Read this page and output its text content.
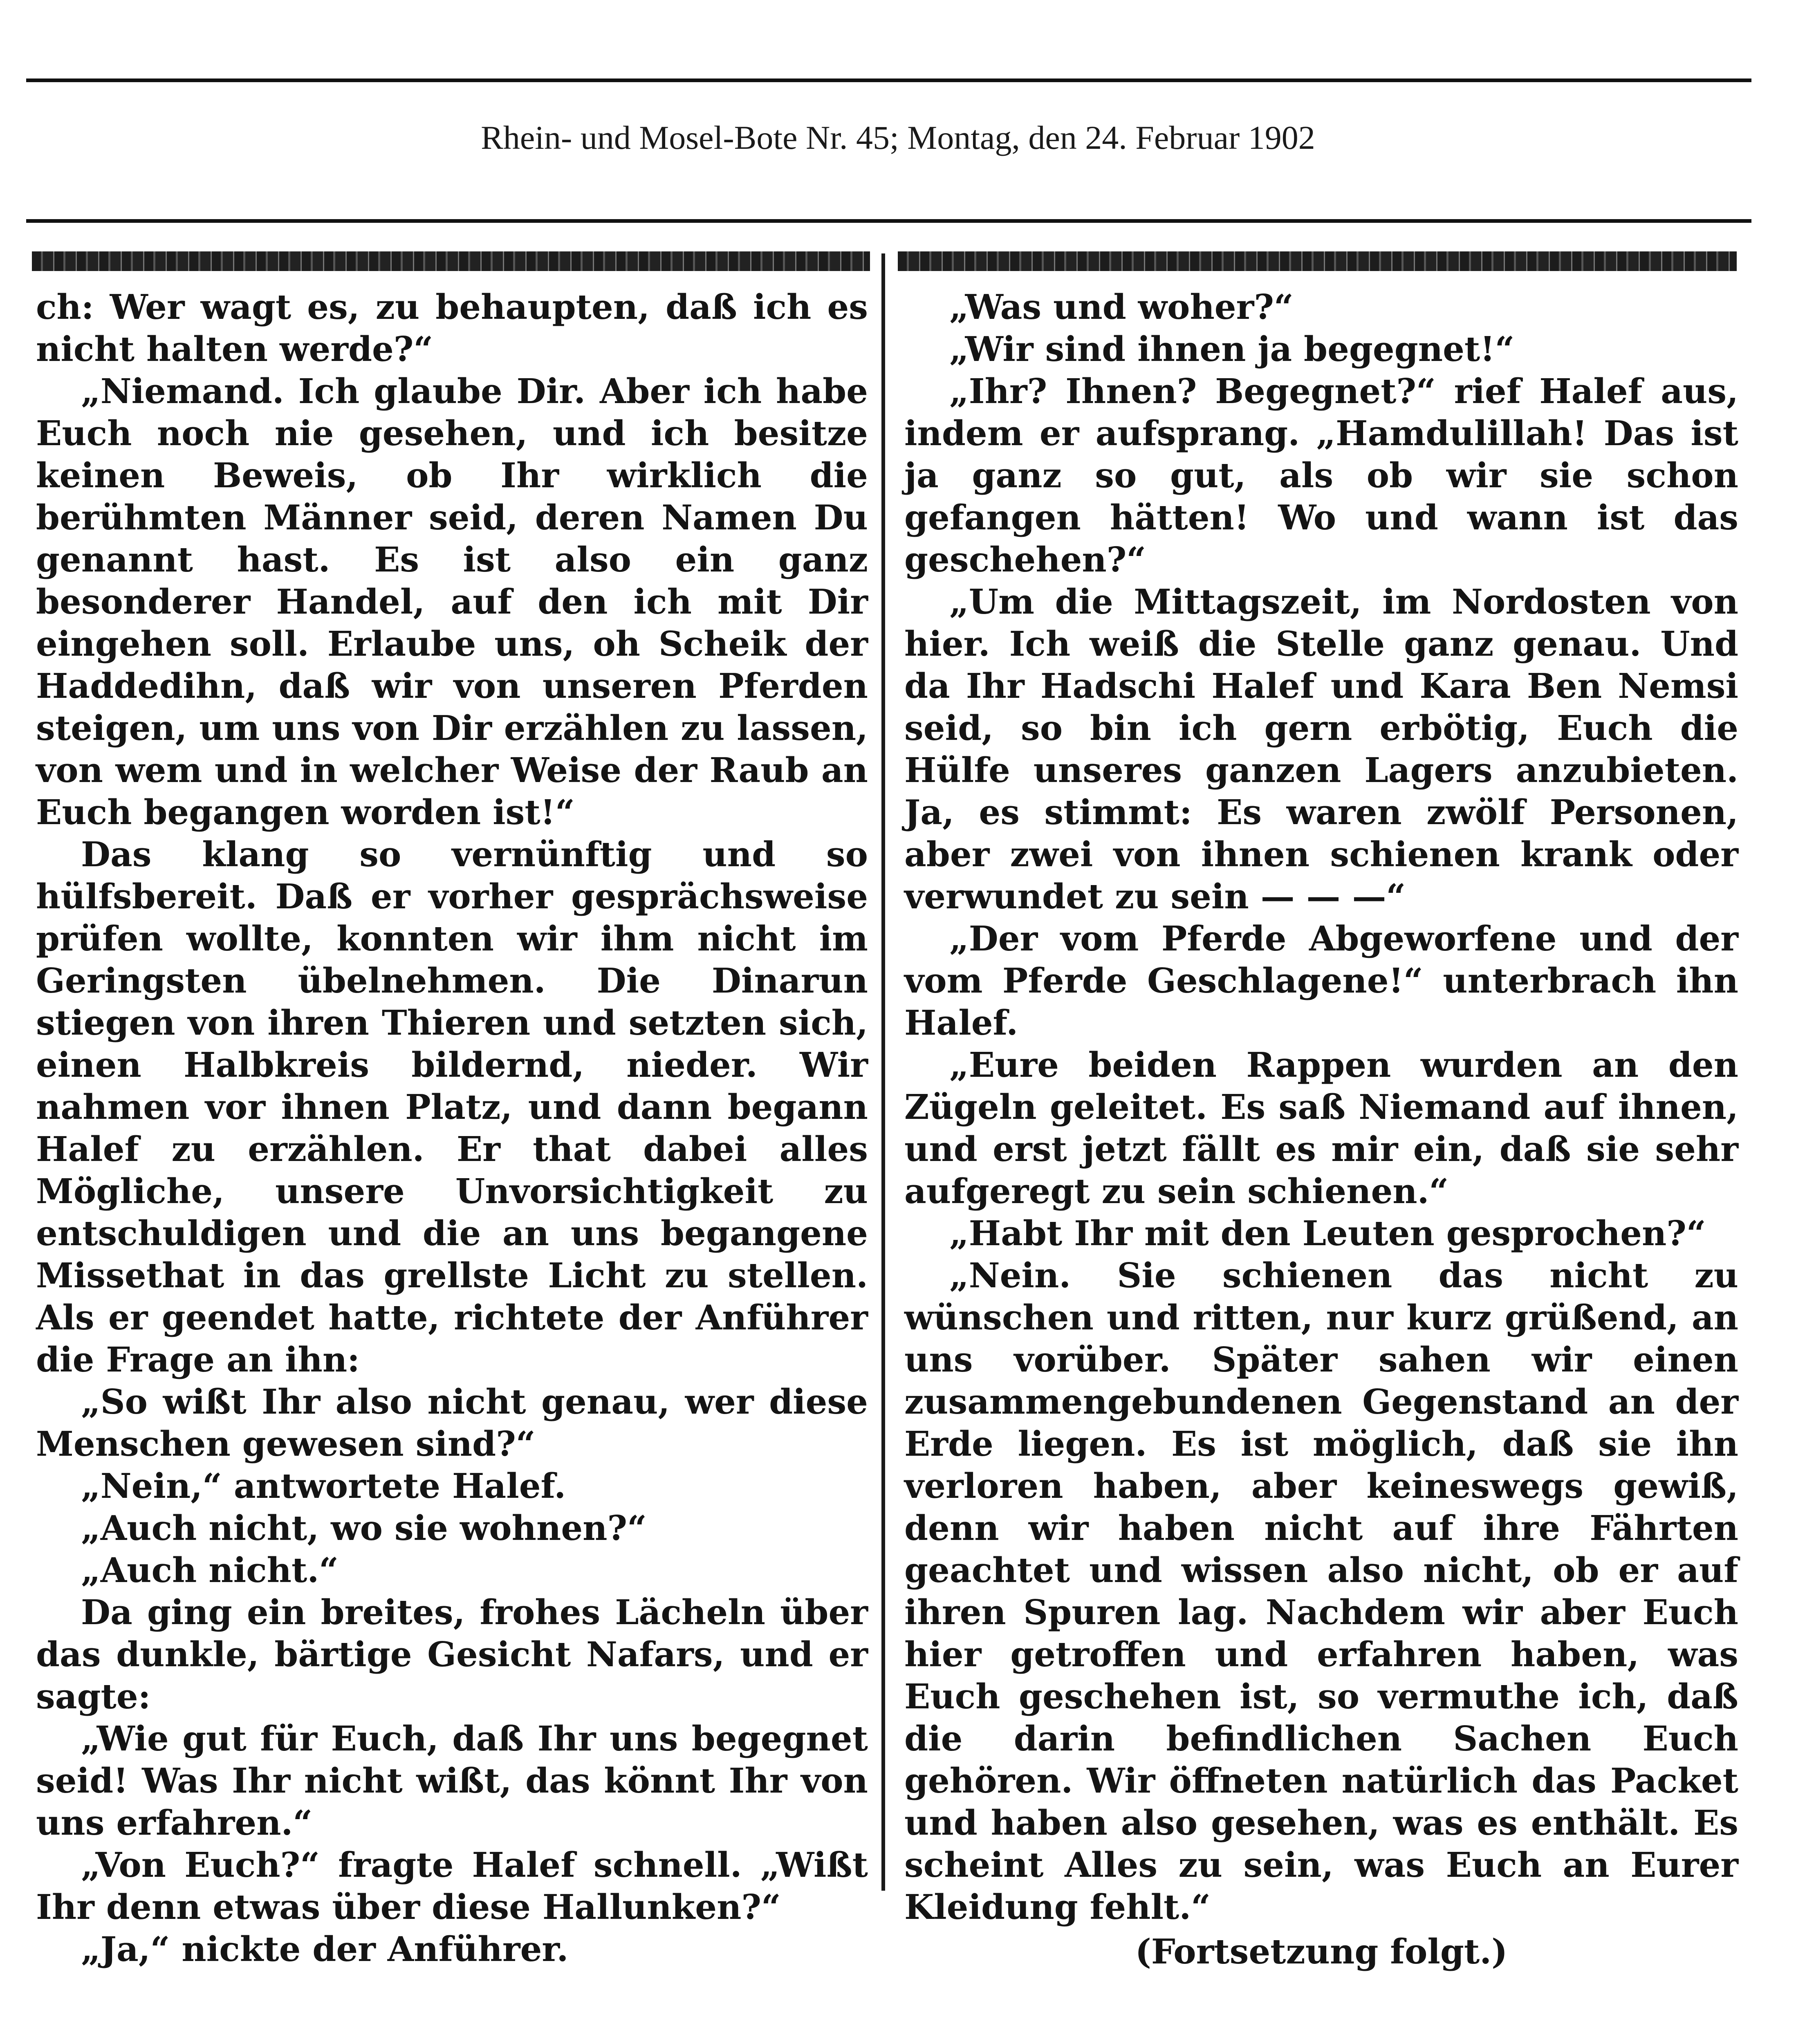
Rhein- und Mosel-Bote Nr. 45; Montag, den 24. Februar 1902

ch: Wer wagt es, zu behaupten, daß ich es nicht halten werde?“

„Niemand. Ich glaube Dir. Aber ich habe Euch noch nie gesehen, und ich besitze keinen Beweis, ob Ihr wirklich die berühmten Männer seid, deren Namen Du genannt hast. Es ist also ein ganz besonderer Handel, auf den ich mit Dir eingehen soll. Erlaube uns, oh Scheik der Haddedihn, daß wir von unseren Pferden steigen, um uns von Dir erzählen zu lassen, von wem und in welcher Weise der Raub an Euch begangen worden ist!“

Das klang so vernünftig und so hülfsbereit. Daß er vorher gesprächsweise prüfen wollte, konnten wir ihm nicht im Geringsten übelnehmen. Die Dinarun stiegen von ihren Thieren und setzten sich, einen Halbkreis bildernd, nieder. Wir nahmen vor ihnen Platz, und dann begann Halef zu erzählen. Er that dabei alles Mögliche, unsere Unvorsichtigkeit zu entschuldigen und die an uns begangene Missethat in das grellste Licht zu stellen. Als er geendet hatte, richtete der Anführer die Frage an ihn:

„So wißt Ihr also nicht genau, wer diese Menschen gewesen sind?“

„Nein,“ antwortete Halef.

„Auch nicht, wo sie wohnen?“

„Auch nicht.“

Da ging ein breites, frohes Lächeln über das dunkle, bärtige Gesicht Nafars, und er sagte:

„Wie gut für Euch, daß Ihr uns begegnet seid! Was Ihr nicht wißt, das könnt Ihr von uns erfahren.“

„Von Euch?“ fragte Halef schnell. „Wißt Ihr denn etwas über diese Hallunken?“

„Ja,“ nickte der Anführer.

„Was und woher?“

„Wir sind ihnen ja begegnet!“

„Ihr? Ihnen? Begegnet?“ rief Halef aus, indem er aufsprang. „Hamdulillah! Das ist ja ganz so gut, als ob wir sie schon gefangen hätten! Wo und wann ist das geschehen?“

„Um die Mittagszeit, im Nordosten von hier. Ich weiß die Stelle ganz genau. Und da Ihr Hadschi Halef und Kara Ben Nemsi seid, so bin ich gern erbötig, Euch die Hülfe unseres ganzen Lagers anzubieten. Ja, es stimmt: Es waren zwölf Personen, aber zwei von ihnen schienen krank oder verwundet zu sein — — —“

„Der vom Pferde Abgeworfene und der vom Pferde Geschlagene!“ unterbrach ihn Halef.

„Eure beiden Rappen wurden an den Zügeln geleitet. Es saß Niemand auf ihnen, und erst jetzt fällt es mir ein, daß sie sehr aufgeregt zu sein schienen.“

„Habt Ihr mit den Leuten gesprochen?“

„Nein. Sie schienen das nicht zu wünschen und ritten, nur kurz grüßend, an uns vorüber. Später sahen wir einen zusammengebundenen Gegenstand an der Erde liegen. Es ist möglich, daß sie ihn verloren haben, aber keineswegs gewiß, denn wir haben nicht auf ihre Fährten geachtet und wissen also nicht, ob er auf ihren Spuren lag. Nachdem wir aber Euch hier getroffen und erfahren haben, was Euch geschehen ist, so vermuthe ich, daß die darin befindlichen Sachen Euch gehören. Wir öffneten natürlich das Packet und haben also gesehen, was es enthält. Es scheint Alles zu sein, was Euch an Eurer Kleidung fehlt.“

(Fortsetzung folgt.)
